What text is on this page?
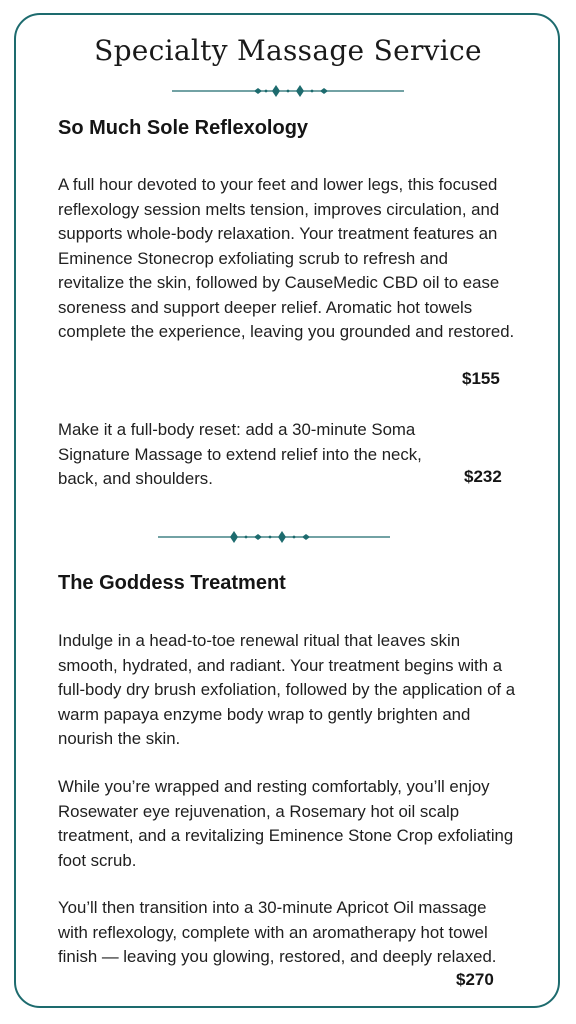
Specialty Massage Service
So Much Sole Reflexology

A full hour devoted to your feet and lower legs, this focused reflexology session melts tension, improves circulation, and supports whole-body relaxation. Your treatment features an Eminence Stonecrop exfoliating scrub to refresh and revitalize the skin, followed by CauseMedic CBD oil to ease soreness and support deeper relief. Aromatic hot towels complete the experience, leaving you grounded and restored.

$155

Make it a full-body reset: add a 30-minute Soma Signature Massage to extend relief into the neck, back, and shoulders.	$232
The Goddess Treatment

Indulge in a head-to-toe renewal ritual that leaves skin smooth, hydrated, and radiant. Your treatment begins with a full-body dry brush exfoliation, followed by the application of a warm papaya enzyme body wrap to gently brighten and nourish the skin.

While you’re wrapped and resting comfortably, you’ll enjoy Rosewater eye rejuvenation, a Rosemary hot oil scalp treatment, and a revitalizing Eminence Stone Crop exfoliating foot scrub.

You’ll then transition into a 30-minute Apricot Oil massage with reflexology, complete with an aromatherapy hot towel finish — leaving you glowing, restored, and deeply relaxed.

$270
